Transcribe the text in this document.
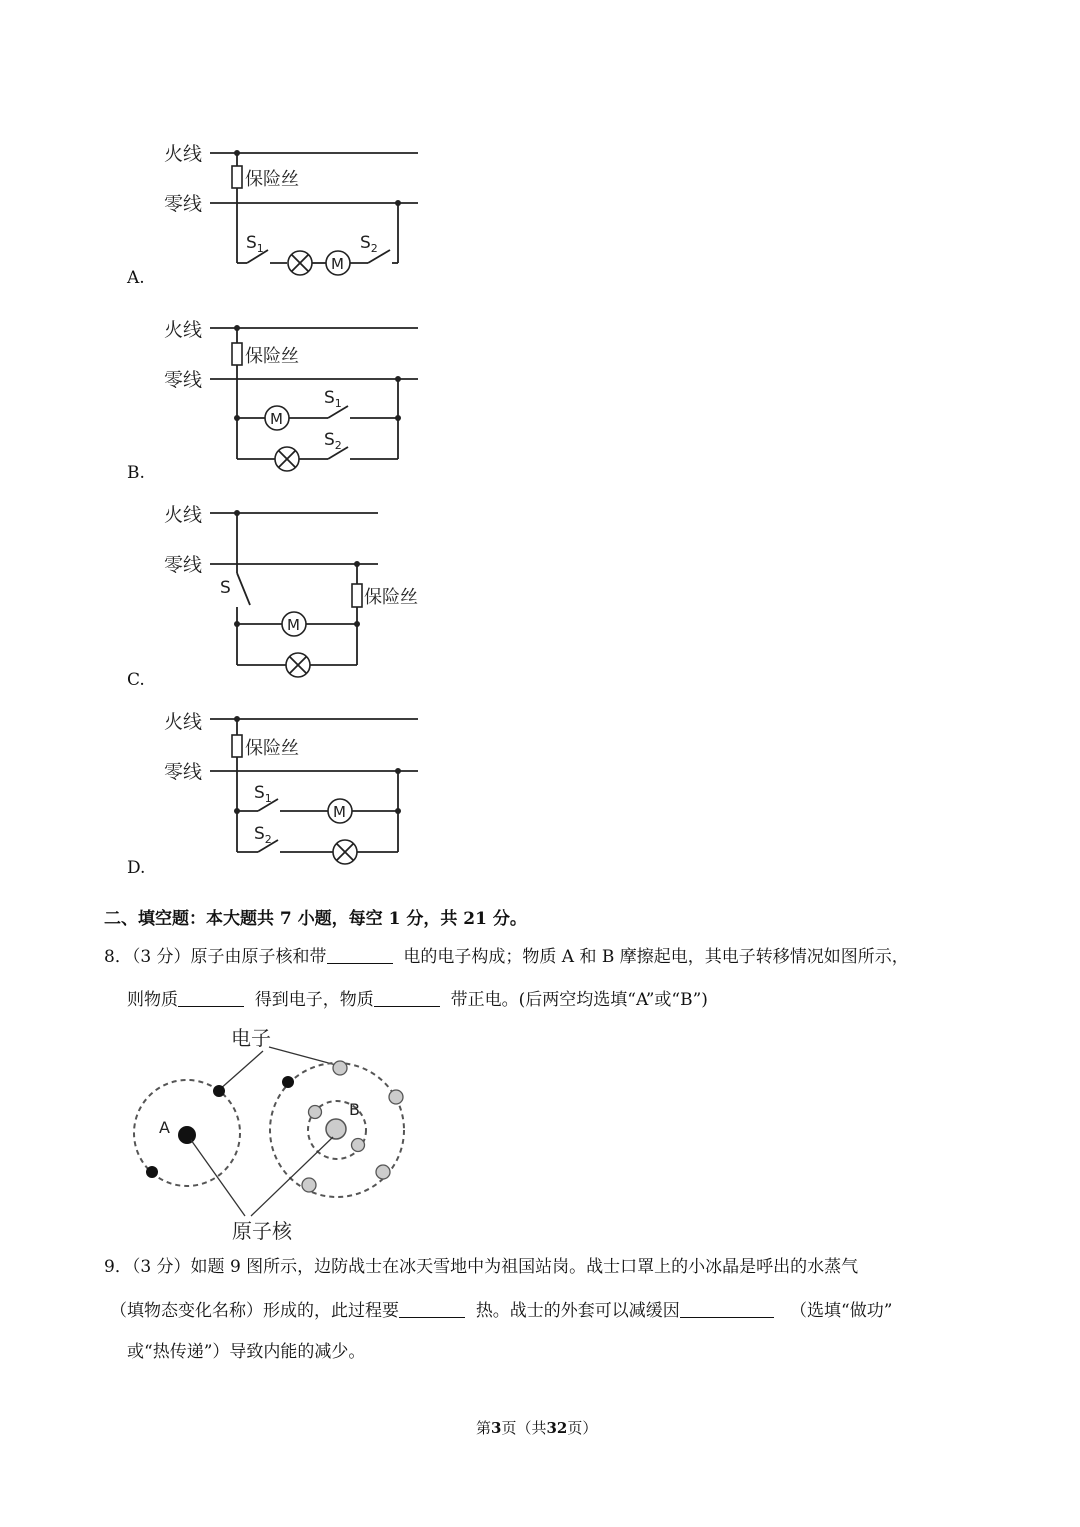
火线
零线
保险丝
$S_1$
M
$S_2$
A.
火线
零线
保险丝
M
$S_1$
$S_2$
B.
火线
零线
S
M
保险丝
C.
火线
零线
保险丝
$S_1$
M
$S_2$
D.
二、填空题：本大题共 7 小题，每空 1 分，共 21 分。
8．（3 分）原子由原子核和带	电的电子构成；物质 A 和 B 摩擦起电，其电子转移情况如图所示，
则物质	得到电子，物质	带正电。(后两空均选填“A”或“B”)
电子
A
B
原子核
9．（3 分）如题 9 图所示，边防战士在冰天雪地中为祖国站岗。战士口罩上的小冰晶是呼出的水蒸气
（填物态变化名称）形成的，此过程要	热。战士的外套可以减缓因	（选填“做功”
或“热传递”）导致内能的减少。
第3页（共32页）
